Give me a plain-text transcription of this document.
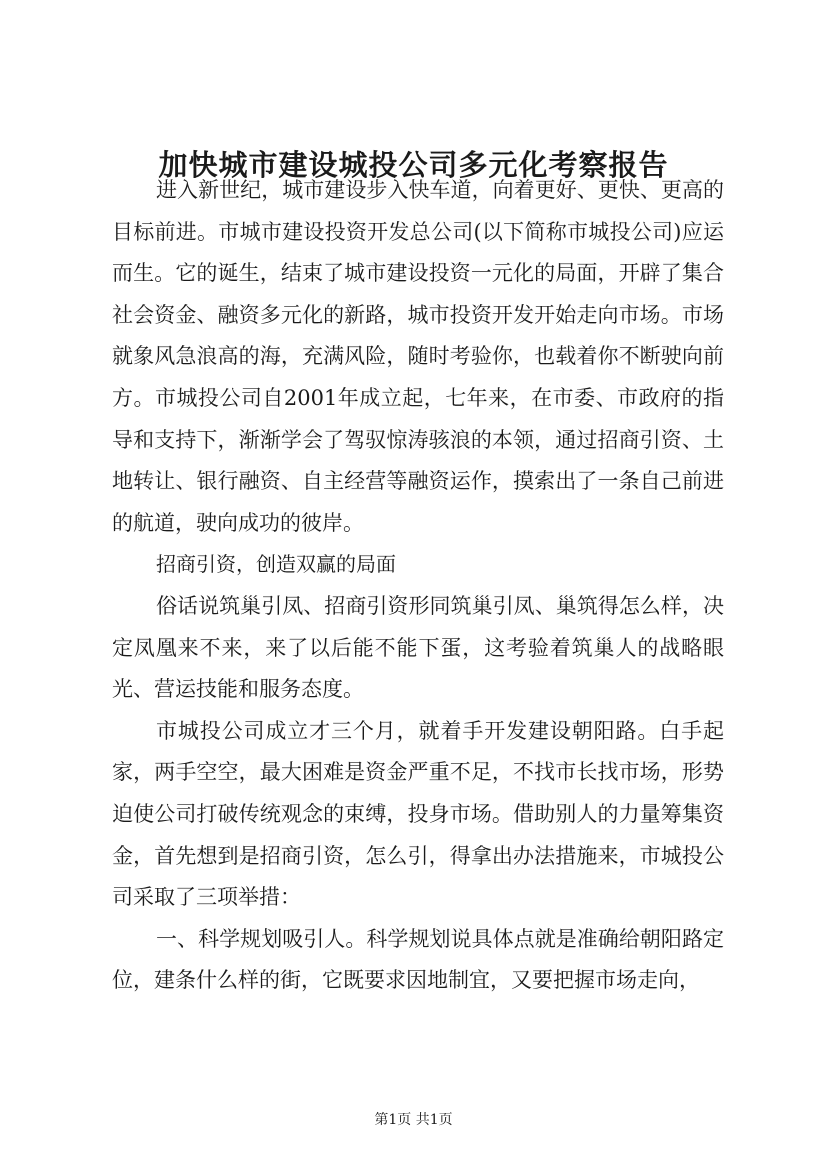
加快城市建设城投公司多元化考察报告

进入新世纪，城市建设步入快车道，向着更好、更快、更高的目标前进。市城市建设投资开发总公司(以下简称市城投公司)应运而生。它的诞生，结束了城市建设投资一元化的局面，开辟了集合社会资金、融资多元化的新路，城市投资开发开始走向市场。市场就象风急浪高的海，充满风险，随时考验你，也载着你不断驶向前方。市城投公司自2001年成立起，七年来，在市委、市政府的指导和支持下，渐渐学会了驾驭惊涛骇浪的本领，通过招商引资、土地转让、银行融资、自主经营等融资运作，摸索出了一条自己前进的航道，驶向成功的彼岸。

招商引资，创造双赢的局面

俗话说筑巢引凤、招商引资形同筑巢引凤、巢筑得怎么样，决定凤凰来不来，来了以后能不能下蛋，这考验着筑巢人的战略眼光、营运技能和服务态度。

市城投公司成立才三个月，就着手开发建设朝阳路。白手起家，两手空空，最大困难是资金严重不足，不找市长找市场，形势迫使公司打破传统观念的束缚，投身市场。借助别人的力量筹集资金，首先想到是招商引资，怎么引，得拿出办法措施来，市城投公司采取了三项举措：

一、科学规划吸引人。科学规划说具体点就是准确给朝阳路定位，建条什么样的街，它既要求因地制宜，又要把握市场走向，

第1页 共1页
